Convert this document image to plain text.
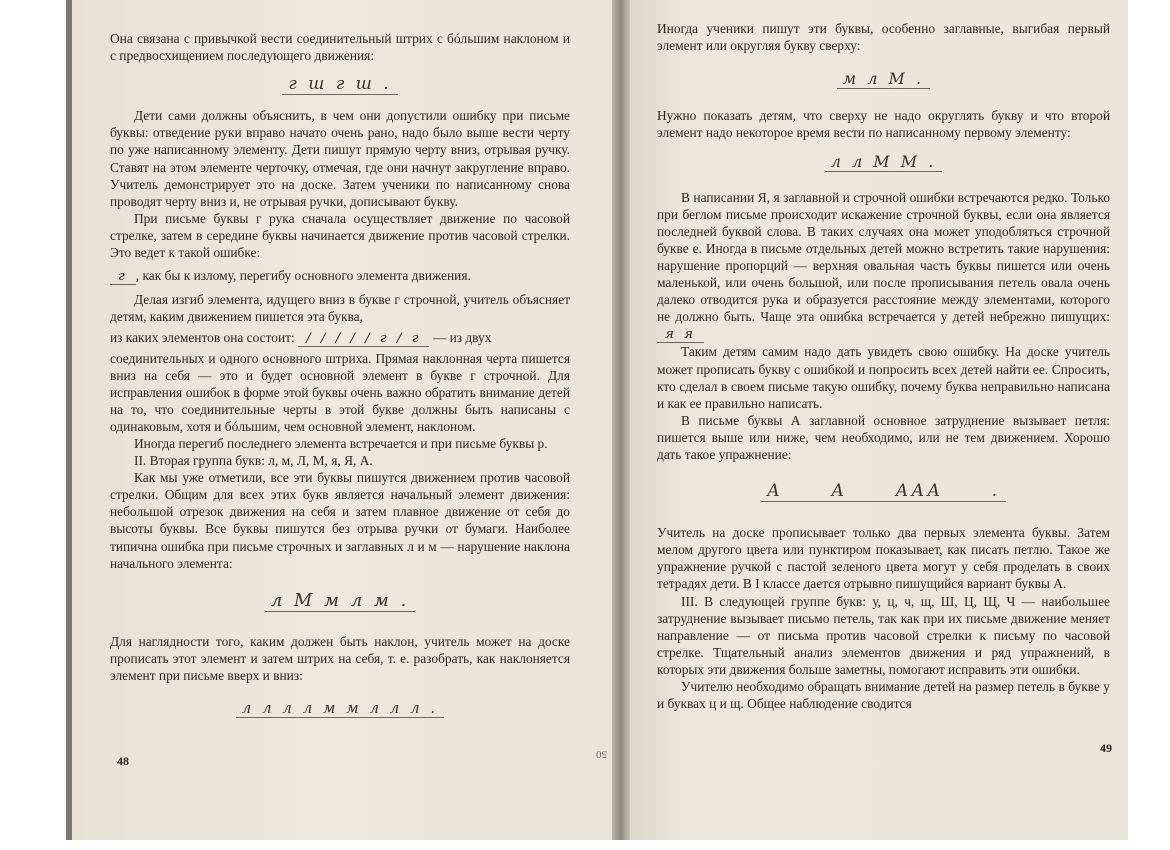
Она связана с привычкой вести соединительный штрих с бóльшим наклоном и с предвосхищением последующего движения:

г ш г ш .

Дети сами должны объяснить, в чем они допустили ошибку при письме буквы: отведение руки вправо начато очень рано, надо было выше вести черту по уже написанному элементу. Дети пишут прямую черту вниз, отрывая ручку. Ставят на этом элементе черточку, отмечая, где они начнут закругление вправо. Учитель демонстрирует это на доске. Затем ученики по написанному снова проводят черту вниз и, не отрывая ручки, дописывают букву.

При письме буквы г рука сначала осуществляет движение по часовой стрелке, затем в середине буквы начинается движение против часовой стрелки. Это ведет к такой ошибке:

г , как бы к излому, перегибу основного элемента движения.

Делая изгиб элемента, идущего вниз в букве г строчной, учитель объясняет детям, каким движением пишется эта буква,

из каких элементов она состоит: / / / / / г / г — из двух

соединительных и одного основного штриха. Прямая наклонная черта пишется вниз на себя — это и будет основной элемент в букве г строчной. Для исправления ошибок в форме этой буквы очень важно обратить внимание детей на то, что соединительные черты в этой букве должны быть написаны с одинаковым, хотя и бóльшим, чем основной элемент, наклоном.

Иногда перегиб последнего элемента встречается и при письме буквы р.

II. Вторая группа букв: л, м, Л, М, я, Я, А.

Как мы уже отметили, все эти буквы пишутся движением против часовой стрелки. Общим для всех этих букв является начальный элемент движения: небольшой отрезок движения на себя и затем плавное движение от себя до высоты буквы. Все буквы пишутся без отрыва ручки от бумаги. Наиболее типична ошибка при письме строчных и заглавных л и м — нарушение наклона начального элемента:

л М м л м .

Для наглядности того, каким должен быть наклон, учитель может на доске прописать этот элемент и затем штрих на себя, т. е. разобрать, как наклоняется элемент при письме вверх и вниз:

л л л л м м л л л .

Иногда ученики пишут эти буквы, особенно заглавные, выгибая первый элемент или округляя букву сверху:

м л М .

Нужно показать детям, что сверху не надо округлять букву и что второй элемент надо некоторое время вести по написанному первому элементу:

л л М М .

В написании Я, я заглавной и строчной ошибки встречаются редко. Только при беглом письме происходит искажение строчной буквы, если она является последней буквой слова. В таких случаях она может уподобляться строчной букве е. Иногда в письме отдельных детей можно встретить такие нарушения: нарушение пропорций — верхняя овальная часть буквы пишется или очень маленькой, или очень большой, или после прописывания петель овала очень далеко отводится рука и образуется расстояние между элементами, которого не должно быть. Чаще эта ошибка встречается у детей небрежно пишущих: я я

Таким детям самим надо дать увидеть свою ошибку. На доске учитель может прописать букву с ошибкой и попросить всех детей найти ее. Спросить, кто сделал в своем письме такую ошибку, почему буква неправильно написана и как ее правильно написать.

В письме буквы А заглавной основное затруднение вызывает петля: пишется выше или ниже, чем необходимо, или не тем движением. Хорошо дать такое упражнение:

А А ААА .

Учитель на доске прописывает только два первых элемента буквы. Затем мелом другого цвета или пунктиром показывает, как писать петлю. Такое же упражнение ручкой с пастой зеленого цвета могут у себя проделать в своих тетрадях дети. В I классе дается отрывно пишущийся вариант буквы А.

III. В следующей группе букв: у, ц, ч, щ, Ш, Ц, Щ, Ч — наибольшее затруднение вызывает письмо петель, так как при их письме движение меняет направление — от письма против часовой стрелки к письму по часовой стрелке. Тщательный анализ элементов движения и ряд упражнений, в которых эти движения больше заметны, помогают исправить эти ошибки.

Учителю необходимо обращать внимание детей на размер петель в букве у и буквах ц и щ. Общее наблюдение сводится

48
49
50
